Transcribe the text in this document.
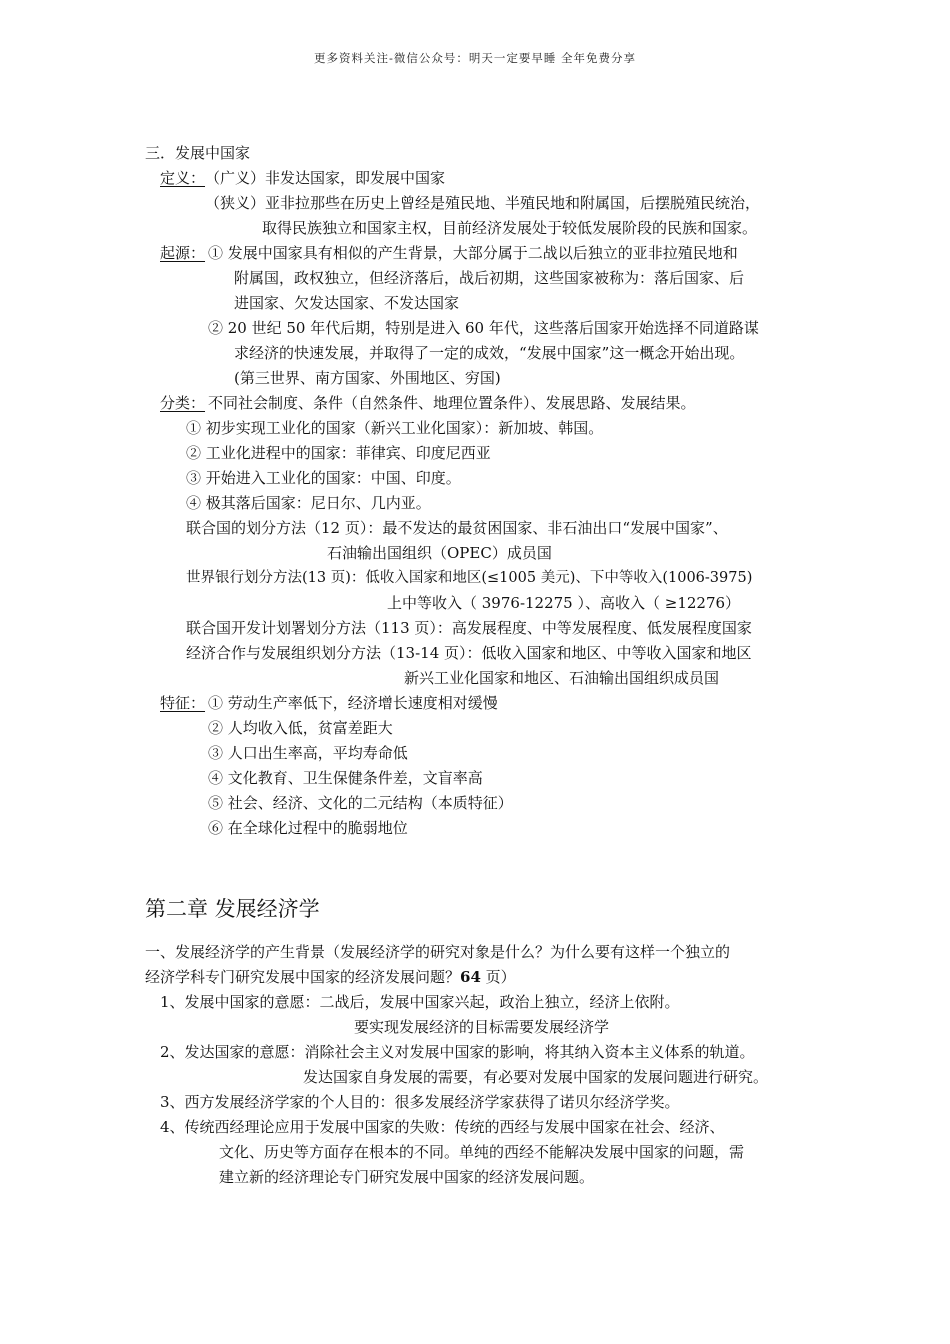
更多资料关注-微信公众号：明天一定要早睡 全年免费分享
三．发展中国家
定义： （广义）非发达国家，即发展中国家
（狭义）亚非拉那些在历史上曾经是殖民地、半殖民地和附属国，后摆脱殖民统治，
取得民族独立和国家主权，目前经济发展处于较低发展阶段的民族和国家。
起源： ① 发展中国家具有相似的产生背景，大部分属于二战以后独立的亚非拉殖民地和
附属国，政权独立，但经济落后，战后初期，这些国家被称为：落后国家、后
进国家、欠发达国家、不发达国家
② 20 世纪 50 年代后期，特别是进入 60 年代，这些落后国家开始选择不同道路谋
求经济的快速发展，并取得了一定的成效，“发展中国家”这一概念开始出现。
(第三世界、南方国家、外围地区、穷国)
分类： 不同社会制度、条件（自然条件、地理位置条件）、发展思路、发展结果。
① 初步实现工业化的国家（新兴工业化国家）：新加坡、韩国。
② 工业化进程中的国家：菲律宾、印度尼西亚
③ 开始进入工业化的国家：中国、印度。
④ 极其落后国家：尼日尔、几内亚。
联合国的划分方法（12 页）：最不发达的最贫困国家、非石油出口“发展中国家”、
石油输出国组织（OPEC）成员国
世界银行划分方法(13 页)：低收入国家和地区(≤1005 美元)、下中等收入(1006-3975)
上中等收入（ 3976-12275 ）、高收入（ ≥12276）
联合国开发计划署划分方法（113 页）：高发展程度、中等发展程度、低发展程度国家
经济合作与发展组织划分方法（13-14 页）：低收入国家和地区、中等收入国家和地区
新兴工业化国家和地区、石油输出国组织成员国
特征： ① 劳动生产率低下，经济增长速度相对缓慢
② 人均收入低，贫富差距大
③ 人口出生率高，平均寿命低
④ 文化教育、卫生保健条件差，文盲率高
⑤ 社会、经济、文化的二元结构（本质特征）
⑥ 在全球化过程中的脆弱地位
第二章 发展经济学
一、发展经济学的产生背景（发展经济学的研究对象是什么？为什么要有这样一个独立的
经济学科专门研究发展中国家的经济发展问题？64 页）
1、发展中国家的意愿：二战后，发展中国家兴起，政治上独立，经济上依附。
要实现发展经济的目标需要发展经济学
2、发达国家的意愿：消除社会主义对发展中国家的影响，将其纳入资本主义体系的轨道。
发达国家自身发展的需要，有必要对发展中国家的发展问题进行研究。
3、西方发展经济学家的个人目的：很多发展经济学家获得了诺贝尔经济学奖。
4、传统西经理论应用于发展中国家的失败：传统的西经与发展中国家在社会、经济、
文化、历史等方面存在根本的不同。单纯的西经不能解决发展中国家的问题，需
建立新的经济理论专门研究发展中国家的经济发展问题。
